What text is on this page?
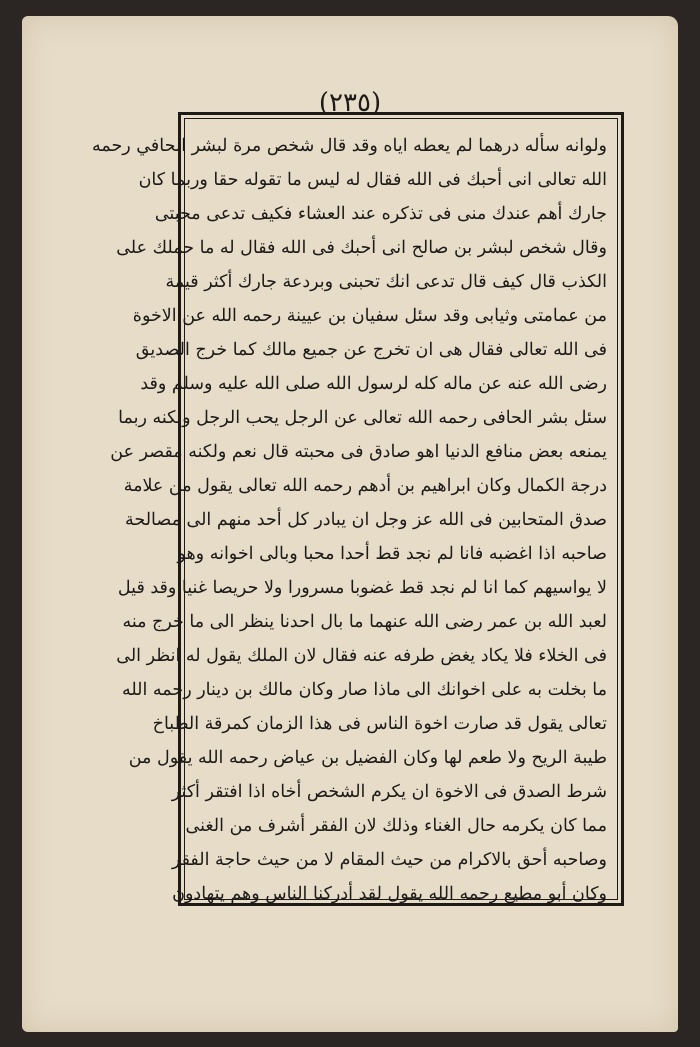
(٢٣٥)
ولوانه سأله درهما لم يعطه اياه وقد قال شخص مرة لبشر الحافي رحمه
الله تعالى انى أحبك فى الله فقال له ليس ما تقوله حقا وربما كان
جارك أهم عندك منى فى تذكره عند العشاء فكيف تدعى محبتى
وقال شخص لبشر بن صالح انى أحبك فى الله فقال له ما حملك على
الكذب قال كيف قال تدعى انك تحبنى وبردعة جارك أكثر قيمة
من عمامتى وثيابى وقد سئل سفيان بن عيينة رحمه الله عن الاخوة
فى الله تعالى فقال هى ان تخرج عن جميع مالك كما خرج الصديق
رضى الله عنه عن ماله كله لرسول الله صلى الله عليه وسلم وقد
سئل بشر الحافى رحمه الله تعالى عن الرجل يحب الرجل ولكنه ربما
يمنعه بعض منافع الدنيا اهو صادق فى محبته قال نعم ولكنه مقصر عن
درجة الكمال وكان ابراهيم بن أدهم رحمه الله تعالى يقول من علامة
صدق المتحابين فى الله عز وجل ان يبادر كل أحد منهم الى مصالحة
صاحبه اذا اغضبه فانا لم نجد قط أحدا محبا وبالى اخوانه وهو
لا يواسيهم كما انا لم نجد قط غضوبا مسرورا ولا حريصا غنيا وقد قيل
لعبد الله بن عمر رضى الله عنهما ما بال احدنا ينظر الى ما خرج منه
فى الخلاء فلا يكاد يغض طرفه عنه فقال لان الملك يقول له انظر الى
ما بخلت به على اخوانك الى ماذا صار وكان مالك بن دينار رحمه الله
تعالى يقول قد صارت اخوة الناس فى هذا الزمان كمرقة الطباخ
طيبة الريح ولا طعم لها وكان الفضيل بن عياض رحمه الله يقول من
شرط الصدق فى الاخوة ان يكرم الشخص أخاه اذا افتقر أكثر
مما كان يكرمه حال الغناء وذلك لان الفقر أشرف من الغنى
وصاحبه أحق بالاكرام من حيث المقام لا من حيث حاجة الفقر
وكان أبو مطيع رحمه الله يقول لقد أدركنا الناس وهم يتهادون
